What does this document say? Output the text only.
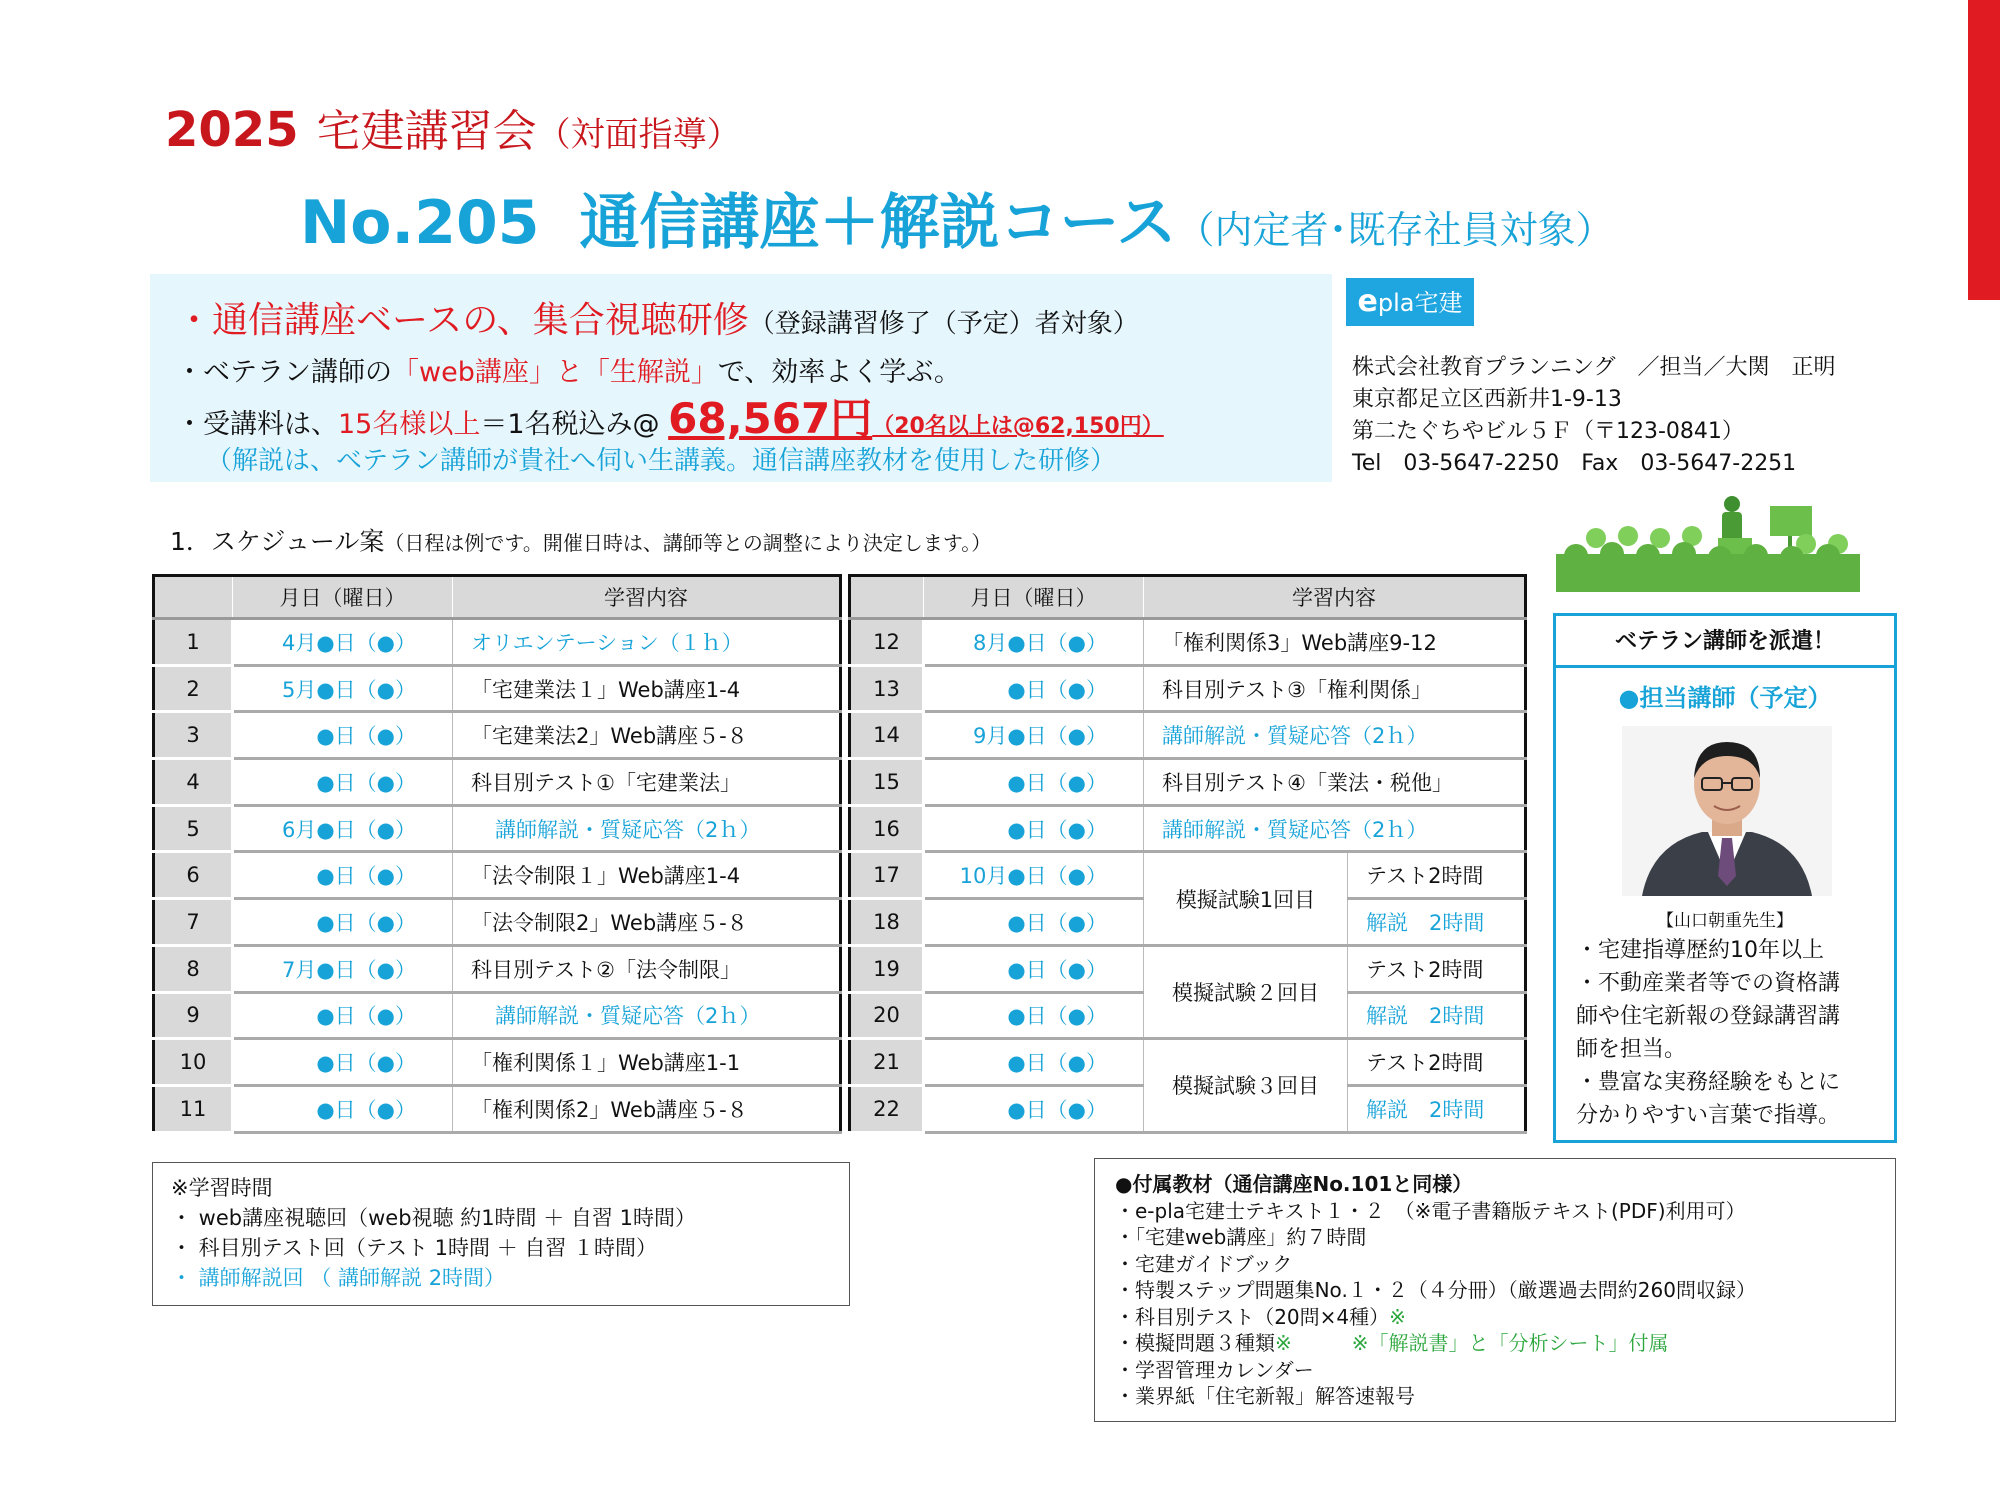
2025 宅建講習会（対面指導）
No.205 通信講座＋解説コース（内定者･既存社員対象）
・通信講座ベースの、集合視聴研修（登録講習修了（予定）者対象）
・ベテラン講師の「web講座」と「生解説」で、効率よく学ぶ。
・受講料は、15名様以上＝1名税込み@ 68,567円（20名以上は@62,150円）
（解説は、ベテラン講師が貴社へ伺い生講義。通信講座教材を使用した研修）
epla宅建
株式会社教育プランニング　／担当／大関　正明
東京都足立区西新井1-9-13
第二たぐちやビル５Ｆ（〒123-0841）
Tel　03-5647-2250　Fax　03-5647-2251
1．スケジュール案（日程は例です。開催日時は、講師等との調整により決定します。）
	月日（曜日）	学習内容
1	4月●日（●）	オリエンテーション（１ｈ）
2	5月●日（●）	「宅建業法１」Web講座1-4
3	●日（●）	「宅建業法2」Web講座５-８
4	●日（●）	科目別テスト①「宅建業法」
5	6月●日（●）	講師解説・質疑応答（2ｈ）
6	●日（●）	「法令制限１」Web講座1-4
7	●日（●）	「法令制限2」Web講座５-８
8	7月●日（●）	科目別テスト②「法令制限」
9	●日（●）	講師解説・質疑応答（2ｈ）
10	●日（●）	「権利関係１」Web講座1-1
11	●日（●）	「権利関係2」Web講座５-８
	月日（曜日）	学習内容	
12	8月●日（●）	「権利関係3」Web講座9-12	
13	●日（●）	科目別テスト③「権利関係」	
14	9月●日（●）	講師解説・質疑応答（2ｈ）	
15	●日（●）	科目別テスト④「業法・税他」	
16	●日（●）	講師解説・質疑応答（2ｈ）	
17	10月●日（●）	模擬試験1回目	テスト2時間
18	●日（●）		解説　2時間
19	●日（●）	模擬試験２回目	テスト2時間
20	●日（●）		解説　2時間
21	●日（●）	模擬試験３回目	テスト2時間
22	●日（●）		解説　2時間
※学習時間
・ web講座視聴回（web視聴 約1時間 ＋ 自習 1時間）
・ 科目別テスト回（テスト 1時間 ＋ 自習 １時間）
・ 講師解説回 （ 講師解説 2時間）
●付属教材（通信講座No.101と同様）
・e-pla宅建士テキスト１・２　（※電子書籍版テキスト(PDF)利用可）
・「宅建web講座」約７時間
・宅建ガイドブック
・特製ステップ問題集No.１・２（４分冊）（厳選過去問約260問収録）
・科目別テスト（20問×4種）※
・模擬問題３種類※	※「解説書」と「分析シート」付属
・学習管理カレンダー
・業界紙「住宅新報」解答速報号
ベテラン講師を派遣！
●担当講師（予定）
【山口朝重先生】
・宅建指導歴約10年以上
・不動産業者等での資格講
師や住宅新報の登録講習講
師を担当。
・豊富な実務経験をもとに
分かりやすい言葉で指導。
